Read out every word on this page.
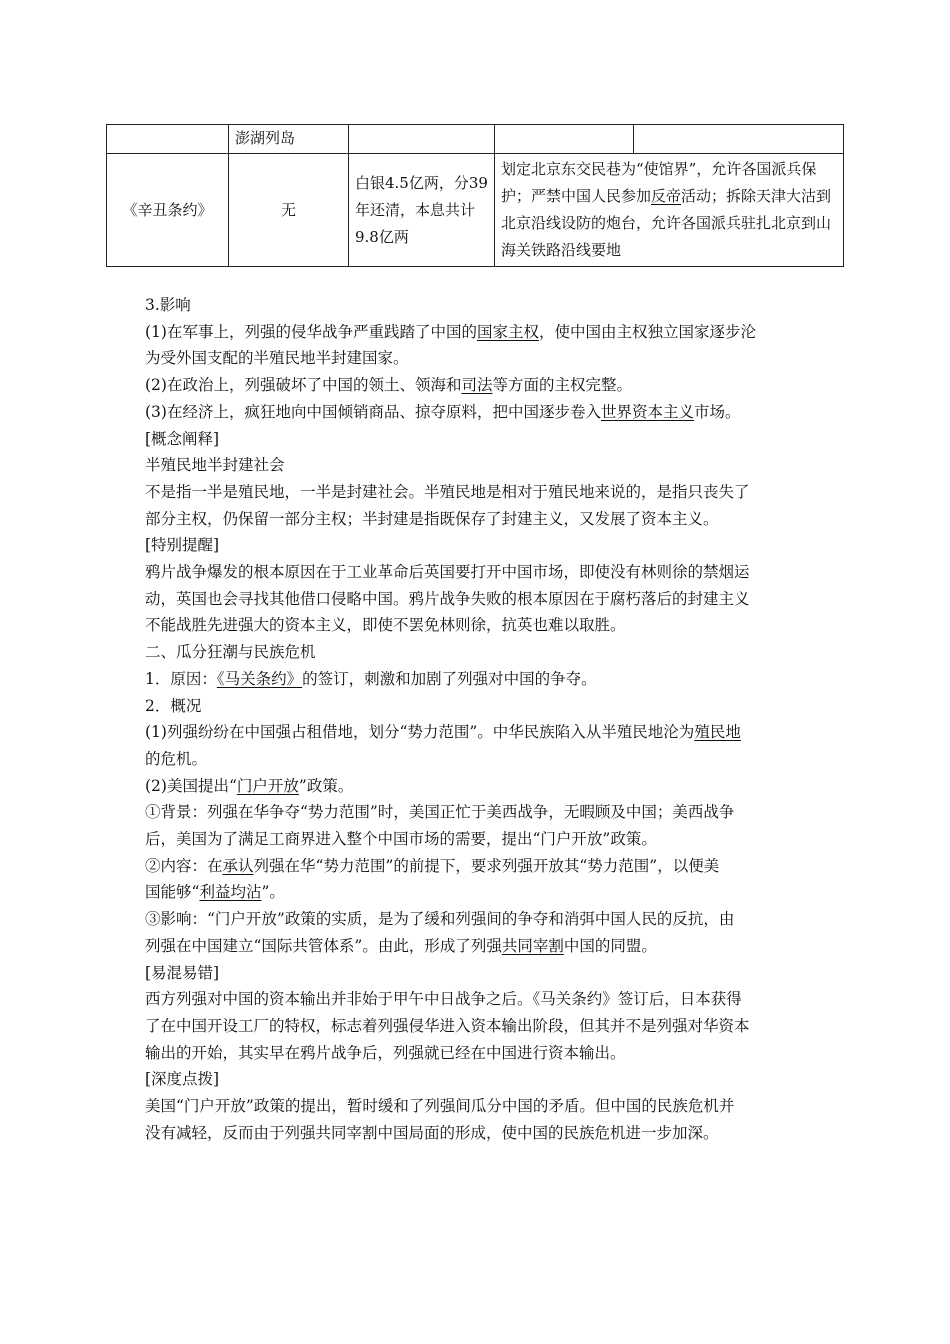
	澎湖列岛			
《辛丑条约》	无	白银4.5亿两，分39年还清，本息共计9.8亿两	划定北京东交民巷为“使馆界”，允许各国派兵保护；严禁中国人民参加反帝活动；拆除天津大沽到北京沿线设防的炮台，允许各国派兵驻扎北京到山海关铁路沿线要地	

3.影响

(1)在军事上，列强的侵华战争严重践踏了中国的国家主权，使中国由主权独立国家逐步沦

为受外国支配的半殖民地半封建国家。

(2)在政治上，列强破坏了中国的领土、领海和司法等方面的主权完整。

(3)在经济上，疯狂地向中国倾销商品、掠夺原料，把中国逐步卷入世界资本主义市场。

[概念阐释]

半殖民地半封建社会

不是指一半是殖民地，一半是封建社会。半殖民地是相对于殖民地来说的，是指只丧失了

部分主权，仍保留一部分主权；半封建是指既保存了封建主义，又发展了资本主义。

[特别提醒]

鸦片战争爆发的根本原因在于工业革命后英国要打开中国市场，即使没有林则徐的禁烟运

动，英国也会寻找其他借口侵略中国。鸦片战争失败的根本原因在于腐朽落后的封建主义

不能战胜先进强大的资本主义，即使不罢免林则徐，抗英也难以取胜。

二、瓜分狂潮与民族危机

1．原因：《马关条约》的签订，刺激和加剧了列强对中国的争夺。

2．概况

(1)列强纷纷在中国强占租借地，划分“势力范围”。中华民族陷入从半殖民地沦为殖民地

的危机。

(2)美国提出“门户开放”政策。

①背景：列强在华争夺“势力范围”时，美国正忙于美西战争，无暇顾及中国；美西战争

后，美国为了满足工商界进入整个中国市场的需要，提出“门户开放”政策。

②内容：在承认列强在华“势力范围”的前提下，要求列强开放其“势力范围”，以便美

国能够“利益均沾”。

③影响：“门户开放”政策的实质，是为了缓和列强间的争夺和消弭中国人民的反抗，由

列强在中国建立“国际共管体系”。由此，形成了列强共同宰割中国的同盟。

[易混易错]

西方列强对中国的资本输出并非始于甲午中日战争之后。《马关条约》签订后，日本获得

了在中国开设工厂的特权，标志着列强侵华进入资本输出阶段，但其并不是列强对华资本

输出的开始，其实早在鸦片战争后，列强就已经在中国进行资本输出。

[深度点拨]

美国“门户开放”政策的提出，暂时缓和了列强间瓜分中国的矛盾。但中国的民族危机并

没有减轻，反而由于列强共同宰割中国局面的形成，使中国的民族危机进一步加深。
